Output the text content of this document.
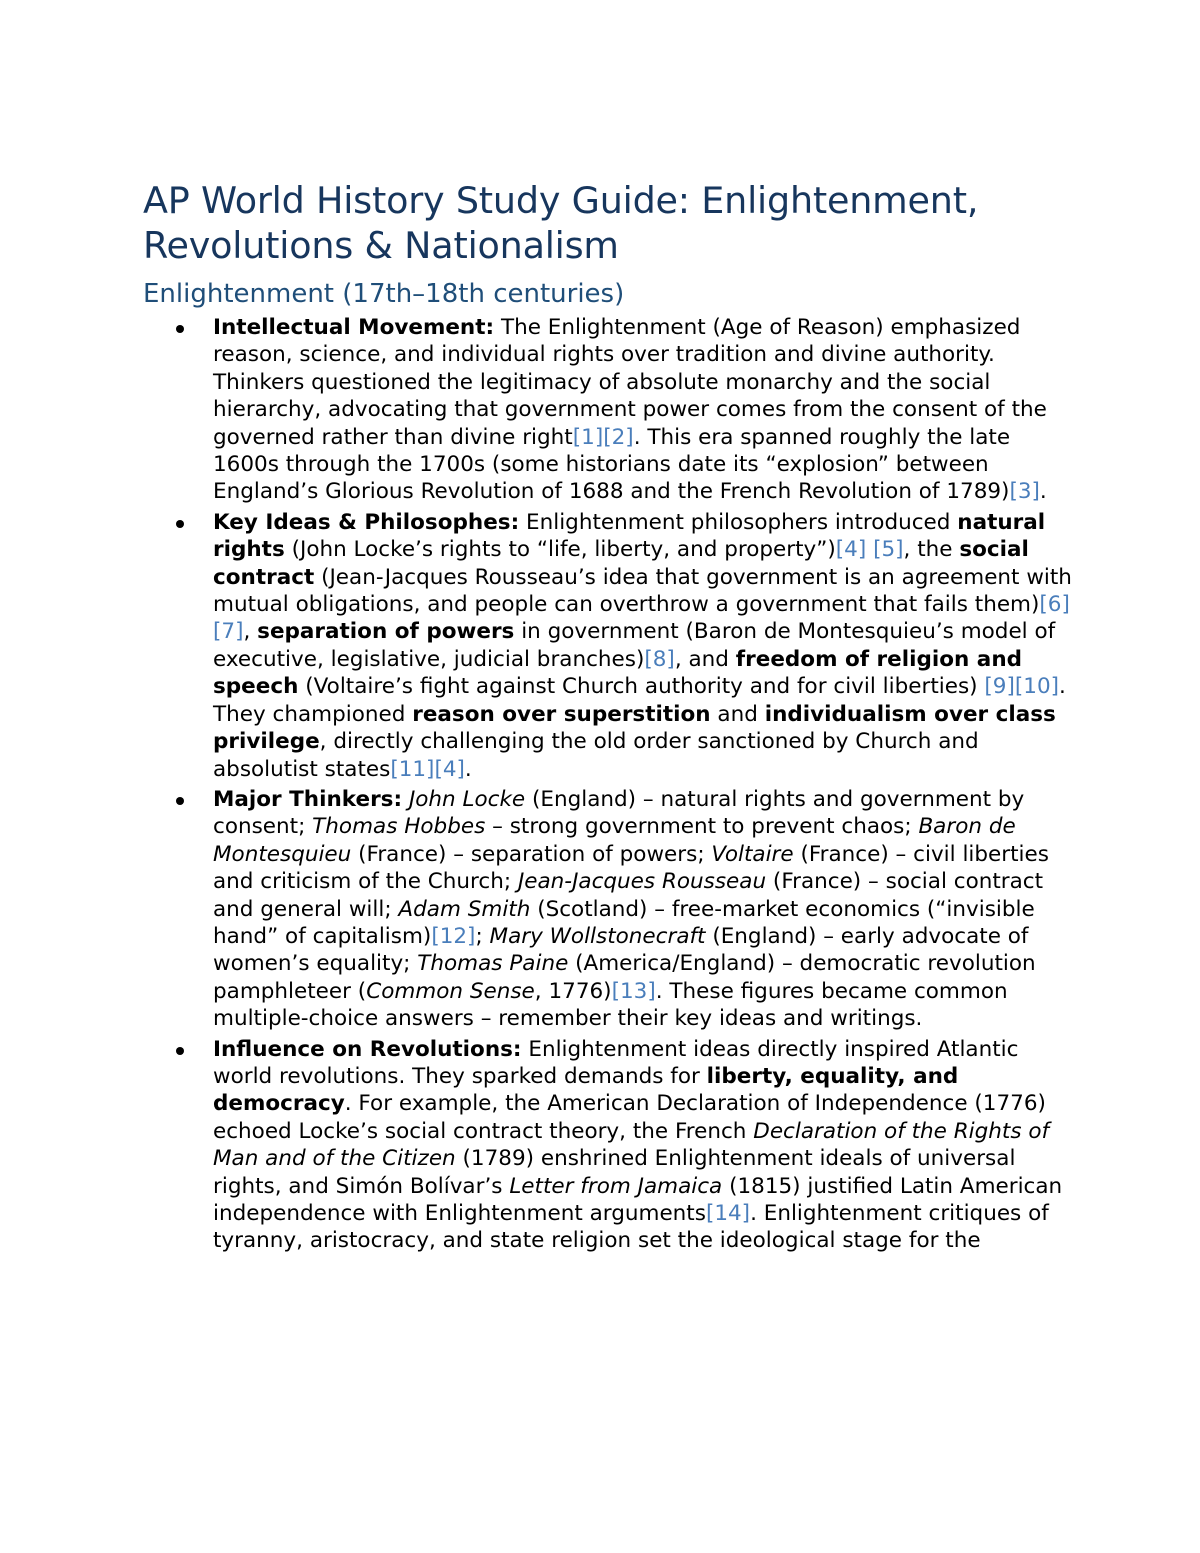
AP World History Study Guide: Enlightenment, Revolutions & Nationalism
Enlightenment (17th–18th centuries)
Intellectual Movement: The Enlightenment (Age of Reason) emphasized reason, science, and individual rights over tradition and divine authority. Thinkers questioned the legitimacy of absolute monarchy and the social hierarchy, advocating that government power comes from the consent of the governed rather than divine right[1][2]. This era spanned roughly the late 1600s through the 1700s (some historians date its “explosion” between England’s Glorious Revolution of 1688 and the French Revolution of 1789)[3].
Key Ideas & Philosophes: Enlightenment philosophers introduced natural rights (John Locke’s rights to “life, liberty, and property”)[4] [5], the social contract (Jean-Jacques Rousseau’s idea that government is an agreement with mutual obligations, and people can overthrow a government that fails them)[6][7], separation of powers in government (Baron de Montesquieu’s model of executive, legislative, judicial branches)[8], and freedom of religion and speech (Voltaire’s fight against Church authority and for civil liberties) [9][10]. They championed reason over superstition and individualism over class privilege, directly challenging the old order sanctioned by Church and absolutist states[11][4].
Major Thinkers: John Locke (England) – natural rights and government by consent; Thomas Hobbes – strong government to prevent chaos; Baron de Montesquieu (France) – separation of powers; Voltaire (France) – civil liberties and criticism of the Church; Jean-Jacques Rousseau (France) – social contract and general will; Adam Smith (Scotland) – free-market economics (“invisible hand” of capitalism)[12]; Mary Wollstonecraft (England) – early advocate of women’s equality; Thomas Paine (America/England) – democratic revolution pamphleteer (Common Sense, 1776)[13]. These figures became common multiple-choice answers – remember their key ideas and writings.
Influence on Revolutions: Enlightenment ideas directly inspired Atlantic world revolutions. They sparked demands for liberty, equality, and democracy. For example, the American Declaration of Independence (1776) echoed Locke’s social contract theory, the French Declaration of the Rights of Man and of the Citizen (1789) enshrined Enlightenment ideals of universal rights, and Simón Bolívar’s Letter from Jamaica (1815) justified Latin American independence with Enlightenment arguments[14]. Enlightenment critiques of tyranny, aristocracy, and state religion set the ideological stage for the
